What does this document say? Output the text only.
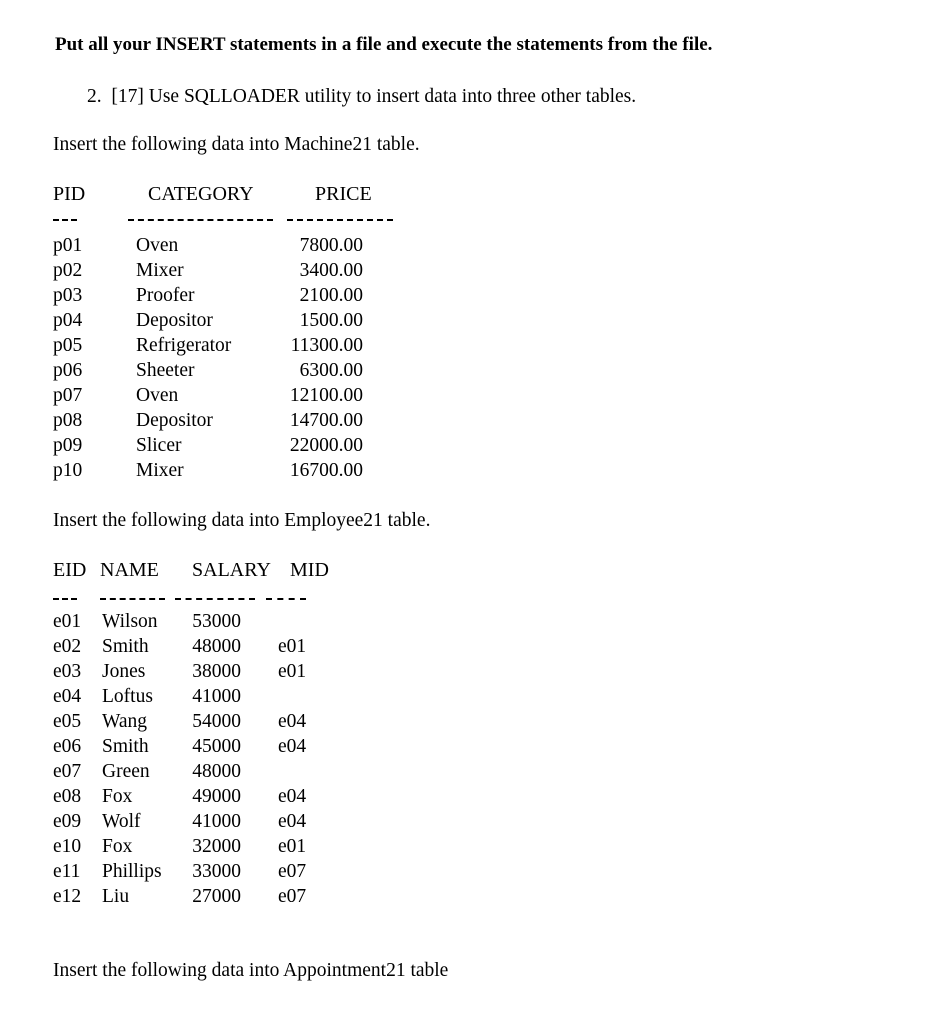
Put all your INSERT statements in a file and execute the statements from the file.
2.  [17] Use SQLLOADER utility to insert data into three other tables.
Insert the following data into Machine21 table.
PID	CATEGORY	PRICE
p01	Oven	7800.00
p02	Mixer	3400.00
p03	Proofer	2100.00
p04	Depositor	1500.00
p05	Refrigerator	11300.00
p06	Sheeter	6300.00
p07	Oven	12100.00
p08	Depositor	14700.00
p09	Slicer	22000.00
p10	Mixer	16700.00
Insert the following data into Employee21 table.
EID NAME SALARY MID
e01 Wilson	53000
e02 Smith	48000 e01
e03 Jones	38000 e01
e04 Loftus	41000
e05 Wang	54000 e04
e06 Smith	45000 e04
e07 Green	48000
e08 Fox	49000 e04
e09 Wolf	41000 e04
e10 Fox	32000 e01
e11 Phillips	33000 e07
e12 Liu	27000 e07
Insert the following data into Appointment21 table
